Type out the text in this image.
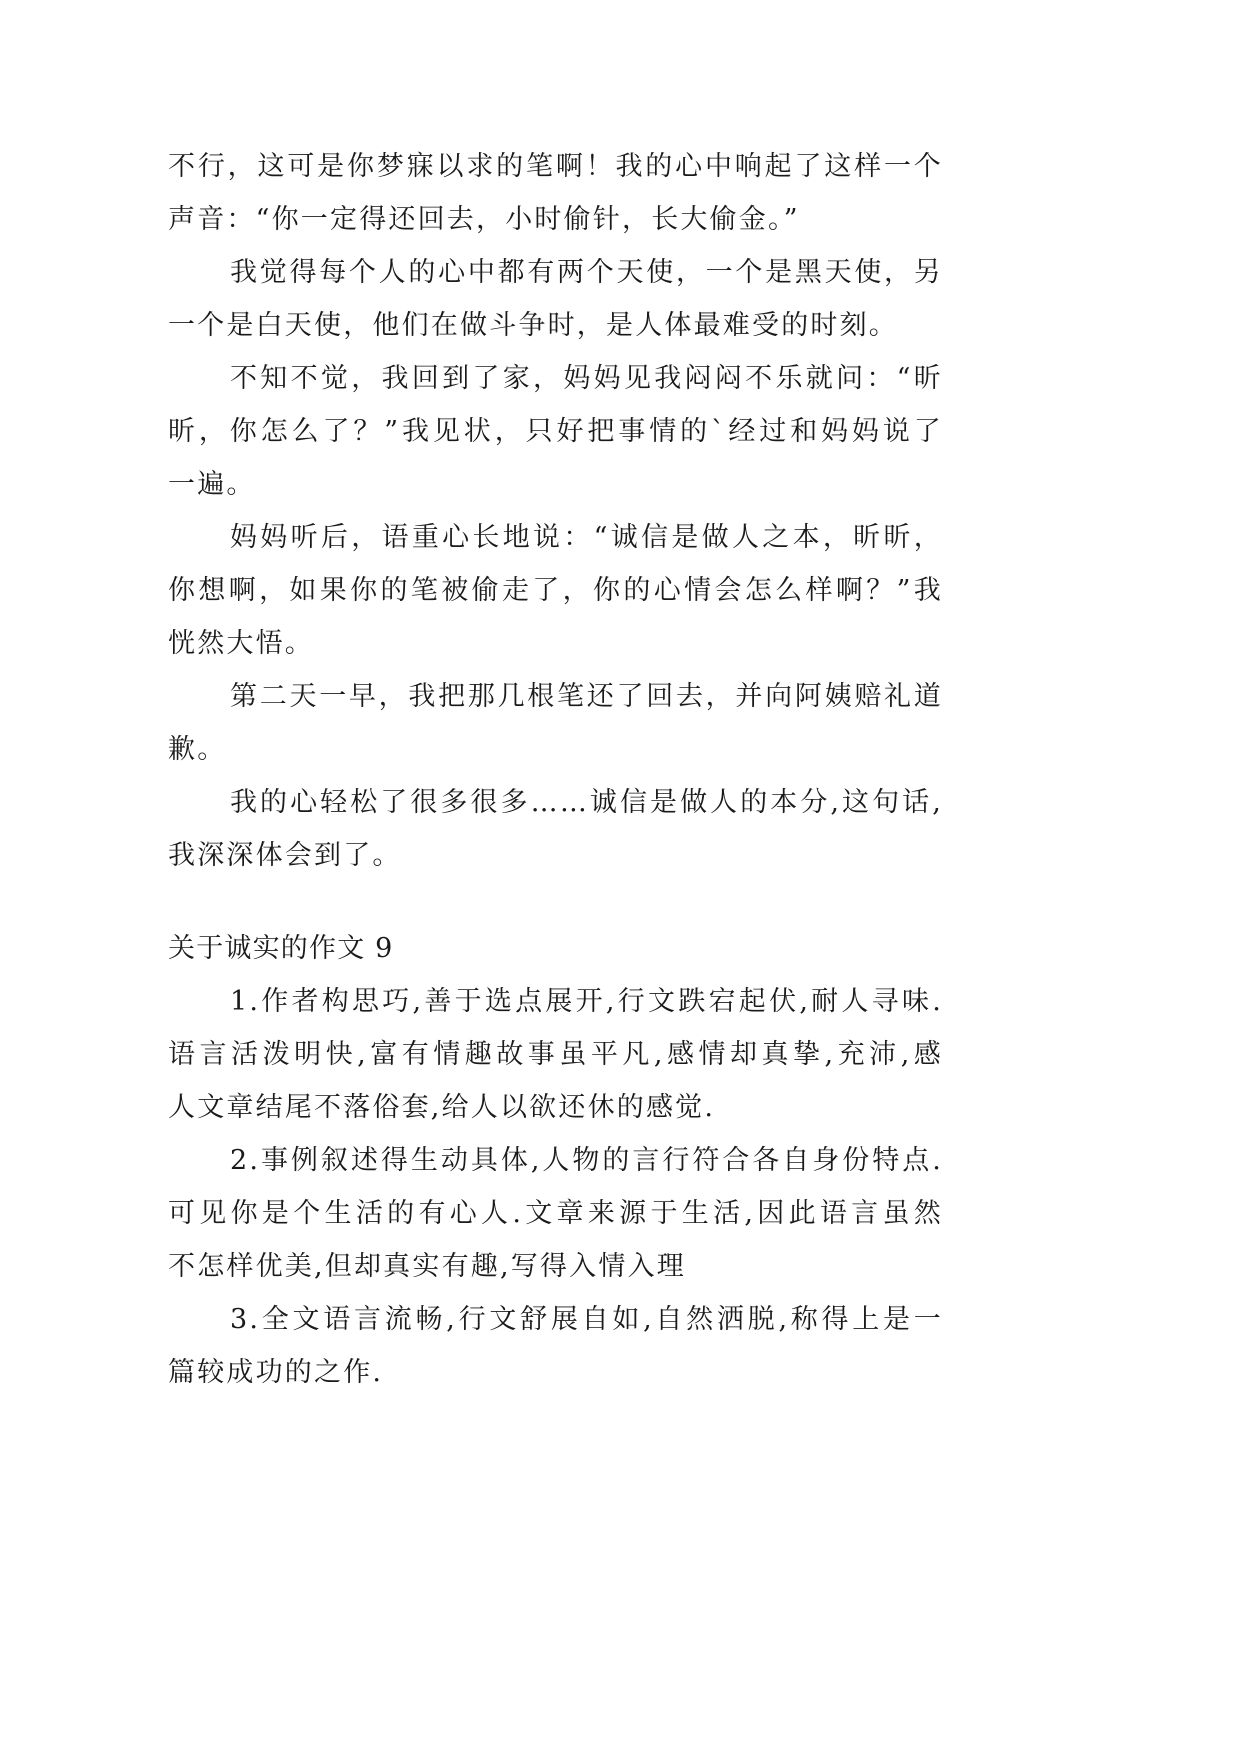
不行，这可是你梦寐以求的笔啊！我的心中响起了这样一个
声音：“你一定得还回去，小时偷针，长大偷金。”
我觉得每个人的心中都有两个天使，一个是黑天使，另
一个是白天使，他们在做斗争时，是人体最难受的时刻。
不知不觉，我回到了家，妈妈见我闷闷不乐就问：“昕
昕，你怎么了？”我见状，只好把事情的`经过和妈妈说了
一遍。
妈妈听后，语重心长地说：“诚信是做人之本，昕昕，
你想啊，如果你的笔被偷走了，你的心情会怎么样啊？”我
恍然大悟。
第二天一早，我把那几根笔还了回去，并向阿姨赔礼道
歉。
我的心轻松了很多很多……诚信是做人的本分,这句话,
我深深体会到了。
关于诚实的作文 9
1.作者构思巧,善于选点展开,行文跌宕起伏,耐人寻味.
语言活泼明快,富有情趣故事虽平凡,感情却真挚,充沛,感
人文章结尾不落俗套,给人以欲还休的感觉.
2.事例叙述得生动具体,人物的言行符合各自身份特点.
可见你是个生活的有心人.文章来源于生活,因此语言虽然
不怎样优美,但却真实有趣,写得入情入理
3.全文语言流畅,行文舒展自如,自然洒脱,称得上是一
篇较成功的之作.
